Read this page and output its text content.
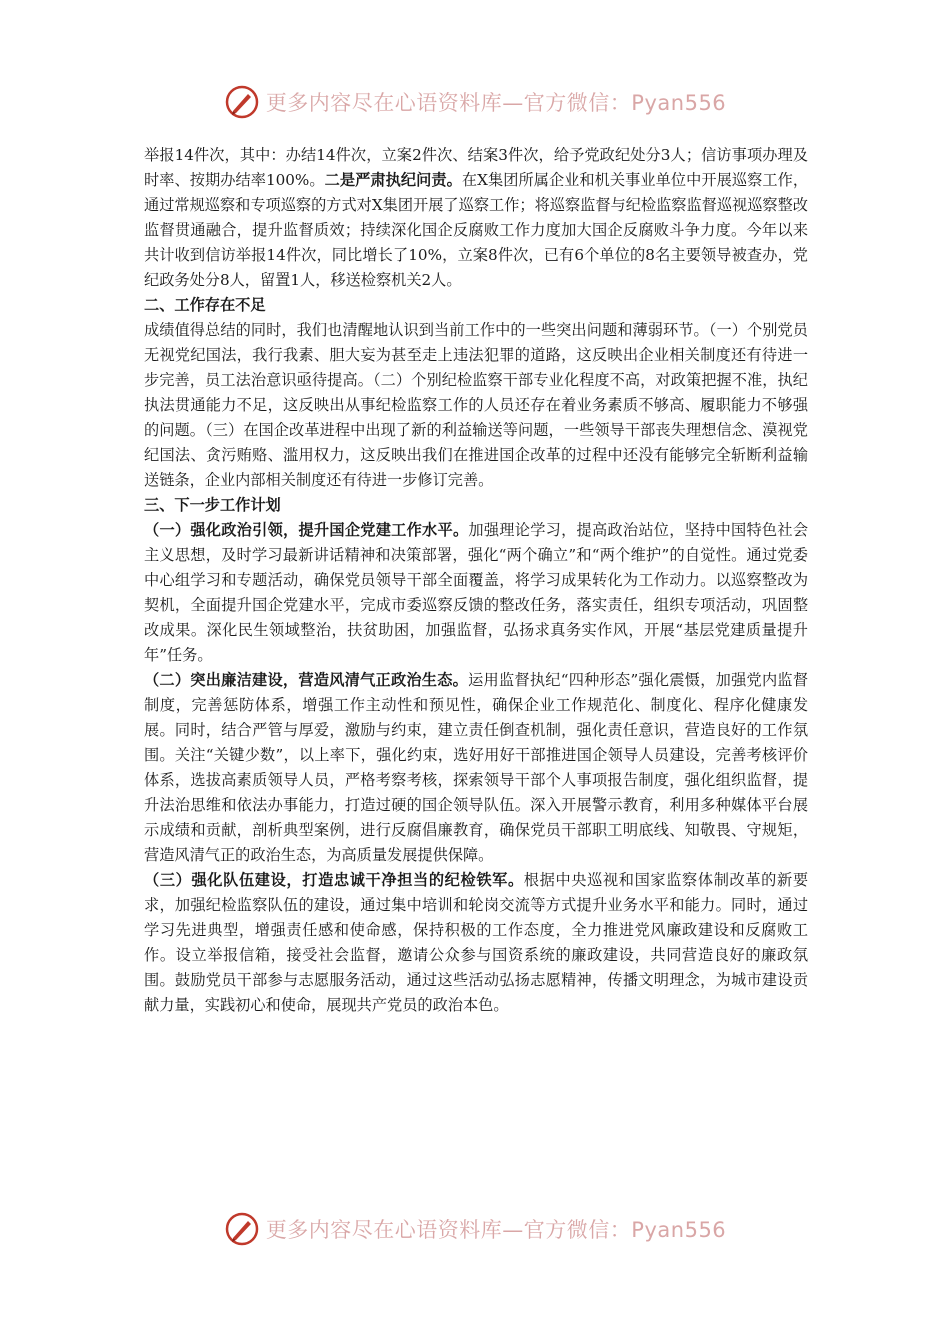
更多内容尽在心语资料库—官方微信：Pyan556

举报14件次，其中：办结14件次，立案2件次、结案3件次，给予党政纪处分3人；信访事项办理及时率、按期办结率100%。二是严肃执纪问责。在X集团所属企业和机关事业单位中开展巡察工作，通过常规巡察和专项巡察的方式对X集团开展了巡察工作；将巡察监督与纪检监察监督巡视巡察整改监督贯通融合，提升监督质效；持续深化国企反腐败工作力度加大国企反腐败斗争力度。今年以来共计收到信访举报14件次，同比增长了10%，立案8件次，已有6个单位的8名主要领导被查办，党纪政务处分8人，留置1人，移送检察机关2人。

二、工作存在不足

成绩值得总结的同时，我们也清醒地认识到当前工作中的一些突出问题和薄弱环节。（一）个别党员无视党纪国法，我行我素、胆大妄为甚至走上违法犯罪的道路，这反映出企业相关制度还有待进一步完善，员工法治意识亟待提高。（二）个别纪检监察干部专业化程度不高，对政策把握不准，执纪执法贯通能力不足，这反映出从事纪检监察工作的人员还存在着业务素质不够高、履职能力不够强的问题。（三）在国企改革进程中出现了新的利益输送等问题，一些领导干部丧失理想信念、漠视党纪国法、贪污贿赂、滥用权力，这反映出我们在推进国企改革的过程中还没有能够完全斩断利益输送链条，企业内部相关制度还有待进一步修订完善。

三、下一步工作计划

（一）强化政治引领，提升国企党建工作水平。加强理论学习，提高政治站位，坚持中国特色社会主义思想，及时学习最新讲话精神和决策部署，强化“两个确立”和“两个维护”的自觉性。通过党委中心组学习和专题活动，确保党员领导干部全面覆盖，将学习成果转化为工作动力。以巡察整改为契机，全面提升国企党建水平，完成市委巡察反馈的整改任务，落实责任，组织专项活动，巩固整改成果。深化民生领域整治，扶贫助困，加强监督，弘扬求真务实作风，开展“基层党建质量提升年”任务。

（二）突出廉洁建设，营造风清气正政治生态。运用监督执纪“四种形态”强化震慑，加强党内监督制度，完善惩防体系，增强工作主动性和预见性，确保企业工作规范化、制度化、程序化健康发展。同时，结合严管与厚爱，激励与约束，建立责任倒查机制，强化责任意识，营造良好的工作氛围。关注“关键少数”，以上率下，强化约束，选好用好干部推进国企领导人员建设，完善考核评价体系，选拔高素质领导人员，严格考察考核，探索领导干部个人事项报告制度，强化组织监督，提升法治思维和依法办事能力，打造过硬的国企领导队伍。深入开展警示教育，利用多种媒体平台展示成绩和贡献，剖析典型案例，进行反腐倡廉教育，确保党员干部职工明底线、知敬畏、守规矩，营造风清气正的政治生态，为高质量发展提供保障。

（三）强化队伍建设，打造忠诚干净担当的纪检铁军。根据中央巡视和国家监察体制改革的新要求，加强纪检监察队伍的建设，通过集中培训和轮岗交流等方式提升业务水平和能力。同时，通过学习先进典型，增强责任感和使命感，保持积极的工作态度，全力推进党风廉政建设和反腐败工作。设立举报信箱，接受社会监督，邀请公众参与国资系统的廉政建设，共同营造良好的廉政氛围。鼓励党员干部参与志愿服务活动，通过这些活动弘扬志愿精神，传播文明理念，为城市建设贡献力量，实践初心和使命，展现共产党员的政治本色。

更多内容尽在心语资料库—官方微信：Pyan556
